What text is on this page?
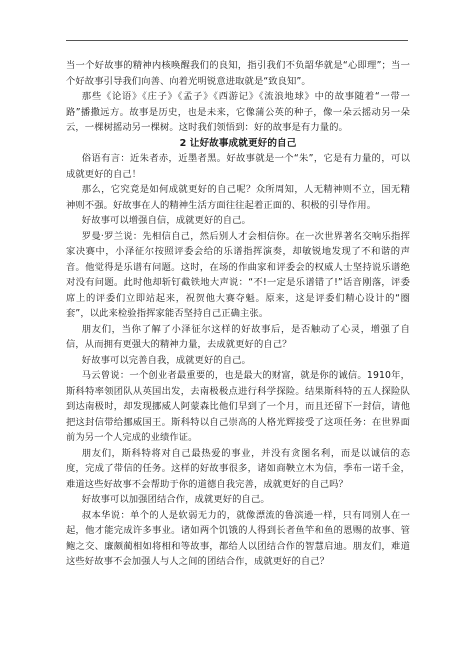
当一个好故事的精神内核唤醒我们的良知，指引我们不负韶华就是“心即理”；当一个好故事引导我们向善、向着光明锐意进取就是“致良知”。

那些《论语》《庄子》《孟子》《西游记》《流浪地球》中的故事随着“一带一路”播撒远方。故事是历史，也是未来，它像蒲公英的种子，像一朵云摇动另一朵云，一棵树摇动另一棵树。这时我们领悟到：好的故事是有力量的。

2 让好故事成就更好的自己

俗语有言：近朱者赤，近墨者黑。好故事就是一个“朱”，它是有力量的，可以成就更好的自己！

那么，它究竟是如何成就更好的自己呢？众所周知，人无精神则不立，国无精神则不强。好故事在人的精神生活方面往往起着正面的、积极的引导作用。

好故事可以增强自信，成就更好的自己。

罗曼·罗兰说：先相信自己，然后别人才会相信你。在一次世界著名交响乐指挥家决赛中，小泽征尔按照评委会给的乐谱指挥演奏，却敏锐地发现了不和谐的声音。他觉得是乐谱有问题。这时，在场的作曲家和评委会的权威人士坚持说乐谱绝对没有问题。此时他却斩钉截铁地大声说：“不!一定是乐谱错了!”话音刚落，评委席上的评委们立即站起来，祝贺他大赛夺魁。原来，这是评委们精心设计的“圈套”，以此来检验指挥家能否坚持自己正确主张。

朋友们，当你了解了小泽征尔这样的好故事后，是否触动了心灵，增强了自信，从而拥有更强大的精神力量，去成就更好的自己？

好故事可以完善自我，成就更好的自己。

马云曾说：一个创业者最重要的，也是最大的财富，就是你的诚信。1910年，斯科特率领团队从英国出发，去南极极点进行科学探险。结果斯科特的五人探险队到达南极时，却发现挪威人阿蒙森比他们早到了一个月，而且还留下一封信，请他把这封信带给挪威国王。斯科特以自己崇高的人格光辉接受了这项任务：在世界面前为另一个人完成的业绩作证。

朋友们，斯科特将对自己最热爱的事业，并没有贪图名利，而是以诚信的态度，完成了带信的任务。这样的好故事很多，诸如商鞅立木为信，季布一诺千金，难道这些好故事不会帮助于你的道德自我完善，成就更好的自己吗？

好故事可以加强团结合作，成就更好的自己。

叔本华说：单个的人是软弱无力的，就像漂流的鲁滨逊一样，只有同别人在一起，他才能完成许多事业。诸如两个饥饿的人得到长者鱼竿和鱼的恩赐的故事、管鲍之交、廉颇蔺相如将相和等故事，都给人以团结合作的智慧启迪。朋友们，难道这些好故事不会加强人与人之间的团结合作，成就更好的自己？
